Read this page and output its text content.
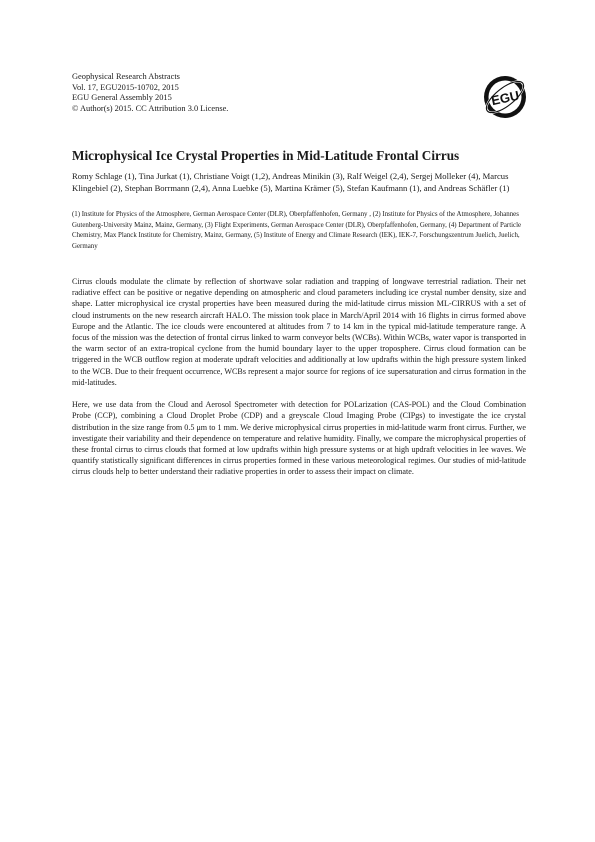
Geophysical Research Abstracts
Vol. 17, EGU2015-10702, 2015
EGU General Assembly 2015
© Author(s) 2015. CC Attribution 3.0 License.
EGU
Microphysical Ice Crystal Properties in Mid-Latitude Frontal Cirrus
Romy Schlage (1), Tina Jurkat (1), Christiane Voigt (1,2), Andreas Minikin (3), Ralf Weigel (2,4), Sergej Molleker (4), Marcus Klingebiel (2), Stephan Borrmann (2,4), Anna Luebke (5), Martina Krämer (5), Stefan Kaufmann (1), and Andreas Schäfler (1)
(1) Institute for Physics of the Atmosphere, German Aerospace Center (DLR), Oberpfaffenhofen, Germany , (2) Institute for Physics of the Atmosphere, Johannes Gutenberg-University Mainz, Mainz, Germany, (3) Flight Experiments, German Aerospace Center (DLR), Oberpfaffenhofen, Germany, (4) Department of Particle Chemistry, Max Planck Institute for Chemistry, Mainz, Germany, (5) Institute of Energy and Climate Research (IEK), IEK-7, Forschungszentrum Juelich, Juelich, Germany

Cirrus clouds modulate the climate by reflection of shortwave solar radiation and trapping of longwave terrestrial radiation. Their net radiative effect can be positive or negative depending on atmospheric and cloud parameters including ice crystal number density, size and shape. Latter microphysical ice crystal properties have been measured during the mid-latitude cirrus mission ML-CIRRUS with a set of cloud instruments on the new research aircraft HALO. The mission took place in March/April 2014 with 16 flights in cirrus formed above Europe and the Atlantic. The ice clouds were encountered at altitudes from 7 to 14 km in the typical mid-latitude temperature range. A focus of the mission was the detection of frontal cirrus linked to warm conveyor belts (WCBs). Within WCBs, water vapor is transported in the warm sector of an extra-tropical cyclone from the humid boundary layer to the upper troposphere. Cirrus cloud formation can be triggered in the WCB outflow region at moderate updraft velocities and additionally at low updrafts within the high pressure system linked to the WCB. Due to their frequent occurrence, WCBs represent a major source for regions of ice supersaturation and cirrus formation in the mid-latitudes.

Here, we use data from the Cloud and Aerosol Spectrometer with detection for POLarization (CAS-POL) and the Cloud Combination Probe (CCP), combining a Cloud Droplet Probe (CDP) and a greyscale Cloud Imaging Probe (CIPgs) to investigate the ice crystal distribution in the size range from 0.5 μm to 1 mm. We derive microphysical cirrus properties in mid-latitude warm front cirrus. Further, we investigate their variability and their dependence on temperature and relative humidity. Finally, we compare the microphysical properties of these frontal cirrus to cirrus clouds that formed at low updrafts within high pressure systems or at high updraft velocities in lee waves. We quantify statistically significant differences in cirrus properties formed in these various meteorological regimes. Our studies of mid-latitude cirrus clouds help to better understand their radiative properties in order to assess their impact on climate.
